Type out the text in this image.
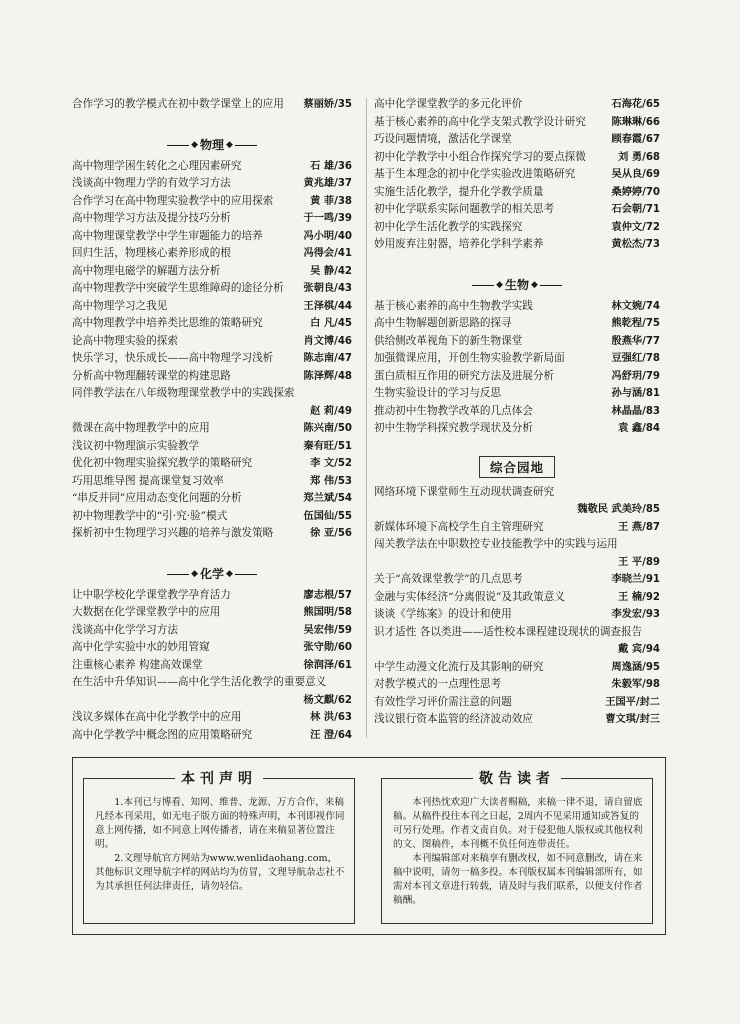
合作学习的教学模式在初中数学课堂上的应用 蔡丽娇/35
◆ 物理 ◆
高中物理学困生转化之心理因素研究	石 雄/36
浅谈高中物理力学的有效学习方法	黄兆雄/37
合作学习在高中物理实验教学中的应用探索	黄 菲/38
高中物理学习方法及提分技巧分析	于一鸣/39
高中物理课堂教学中学生审题能力的培养	冯小明/40
回归生活，物理核心素养形成的根	冯得会/41
高中物理电磁学的解题方法分析	吴 静/42
高中物理教学中突破学生思维障碍的途径分析 张朝良/43
高中物理学习之我见	王泽棋/44
高中物理教学中培养类比思维的策略研究	白 凡/45
论高中物理实验的探索	肖文博/46
快乐学习，快乐成长——高中物理学习浅析	陈志南/47
分析高中物理翻转课堂的构建思路	陈泽辉/48
同伴教学法在八年级物理课堂教学中的实践探索
赵 莉/49
微课在高中物理教学中的应用	陈兴南/50
浅议初中物理演示实验教学	秦有旺/51
优化初中物理实验探究教学的策略研究	李 文/52
巧用思维导图 提高课堂复习效率	郑 伟/53
“串反并同”应用动态变化问题的分析	郑兰斌/54
初中物理教学中的“引·究·验”模式	伍国仙/55
探析初中生物理学习兴趣的培养与激发策略	徐 亚/56
◆ 化学 ◆
让中职学校化学课堂教学孕育活力	廖志根/57
大数据在化学课堂教学中的应用	熊国明/58
浅谈高中化学学习方法	吴宏伟/59
高中化学实验中水的妙用管窥	张守勋/60
注重核心素养 构建高效课堂	徐润泽/61
在生活中升华知识——高中化学生活化教学的重要意义
杨文麒/62
浅议多媒体在高中化学教学中的应用	林 洪/63
高中化学教学中概念图的应用策略研究	汪 澄/64
高中化学课堂教学的多元化评价	石海花/65
基于核心素养的高中化学支架式教学设计研究	陈琳琳/66
巧设问题情境，激活化学课堂	顾春霞/67
初中化学教学中小组合作探究学习的要点探微	刘 勇/68
基于生本理念的初中化学实验改进策略研究	吴从良/69
实施生活化教学，提升化学教学质量	桑婷婷/70
初中化学联系实际问题教学的相关思考	石会朝/71
初中化学生活化教学的实践探究	袁仲文/72
妙用废弃注射器，培养化学科学素养	黄松杰/73
◆ 生物 ◆
基于核心素养的高中生物教学实践	林文婉/74
高中生物解题创新思路的探寻	熊乾程/75
供给侧改革视角下的新生物课堂	殷燕华/77
加强微课应用，开创生物实验教学新局面	豆强红/78
蛋白质相互作用的研究方法及进展分析	冯舒玥/79
生物实验设计的学习与反思	孙与涵/81
推动初中生物教学改革的几点体会	林晶晶/83
初中生物学科探究教学现状及分析	袁 鑫/84
综合园地
网络环境下课堂师生互动现状调查研究
魏敬民 武美玲/85
新媒体环境下高校学生自主管理研究	王 燕/87
闯关教学法在中职数控专业技能教学中的实践与运用
王 平/89
关于“高效课堂教学”的几点思考	李晓兰/91
金融与实体经济“分离假说”及其政策意义	王 楠/92
谈谈《学练案》的设计和使用	李发宏/93
识才适性 各以类进——适性校本课程建设现状的调查报告
戴 宾/94
中学生动漫文化流行及其影响的研究	周逸涵/95
对教学模式的一点理性思考	朱毅军/98
有效性学习评价需注意的问题	王国平/封二
浅议银行资本监管的经济波动效应	曹文琪/封三
本刊声明

1.本刊已与博看、知网、维普、龙源、万方合作，来稿凡经本刊采用，如无电子版方面的特殊声明，本刊即视作同意上网传播，如不同意上网传播者，请在来稿显著位置注明。

2.文理导航官方网站为www.wenlidaohang.com，其他标识文理导航字样的网站均为仿冒，文理导航杂志社不为其承担任何法律责任，请勿轻信。

敬告读者

本刊热忱欢迎广大读者赐稿，来稿一律不退，请自留底稿。从稿件投往本刊之日起，2周内不见采用通知或答复的可另行处理。作者文责自负。对于侵犯他人版权或其他权利的文、图稿件，本刊概不负任何连带责任。

本刊编辑部对来稿享有删改权，如不同意删改，请在来稿中说明，请勿一稿多投。本刊版权属本刊编辑部所有，如需对本刊文章进行转载，请及时与我们联系，以便支付作者稿酬。
